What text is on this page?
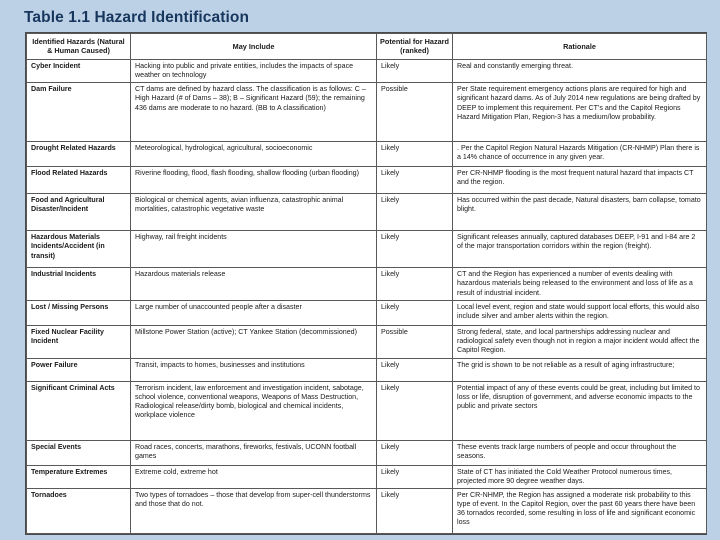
Table 1.1 Hazard Identification
Identified Hazards (Natural & Human Caused)	May Include	Potential for Hazard (ranked)	Rationale
Cyber Incident	Hacking into public and private entities, includes the impacts of space weather on technology	Likely	Real and constantly emerging threat.
Dam Failure	CT dams are defined by hazard class. The classification is as follows: C – High Hazard (# of Dams – 38); B – Significant Hazard (59); the remaining 436 dams are moderate to no hazard. (BB to A classification)	Possible	Per State requirement emergency actions plans are required for high and significant hazard dams. As of July 2014 new regulations are being drafted by DEEP to implement this requirement. Per CT's and the Capitol Regions Hazard Mitigation Plan, Region-3 has a medium/low probability.
Drought Related Hazards	Meteorological, hydrological, agricultural, socioeconomic	Likely	. Per the Capitol Region Natural Hazards Mitigation (CR-NHMP) Plan there is a 14% chance of occurrence in any given year.
Flood Related Hazards	Riverine flooding, flood, flash flooding, shallow flooding (urban flooding)	Likely	Per CR-NHMP flooding is the most frequent natural hazard that impacts CT and the region.
Food and Agricultural Disaster/Incident	Biological or chemical agents, avian influenza, catastrophic animal mortalities, catastrophic vegetative waste	Likely	Has occurred within the past decade, Natural disasters, barn collapse, tomato blight.
Hazardous Materials Incidents/Accident (in transit)	Highway, rail freight incidents	Likely	Significant releases annually, captured databases DEEP, I-91 and I-84 are 2 of the major transportation corridors within the region (freight).
Industrial Incidents	Hazardous materials release	Likely	CT and the Region has experienced a number of events dealing with hazardous materials being released to the environment and loss of life as a result of industrial incident.
Lost / Missing Persons	Large number of unaccounted people after a disaster	Likely	Local level event, region and state would support local efforts, this would also include silver and amber alerts within the region.
Fixed Nuclear Facility Incident	Millstone Power Station (active); CT Yankee Station (decommissioned)	Possible	Strong federal, state, and local partnerships addressing nuclear and radiological safety even though not in region a major incident would affect the Capitol Region.
Power Failure	Transit, impacts to homes, businesses and institutions	Likely	The grid is shown to be not reliable as a result of aging infrastructure;
Significant Criminal Acts	Terrorism incident, law enforcement and investigation incident, sabotage, school violence, conventional weapons, Weapons of Mass Destruction, Radiological release/dirty bomb, biological and chemical incidents, workplace violence	Likely	Potential impact of any of these events could be great, including but limited to loss or life, disruption of government, and adverse economic impacts to the public and private sectors
Special Events	Road races, concerts, marathons, fireworks, festivals, UCONN football games	Likely	These events track large numbers of people and occur throughout the seasons.
Temperature Extremes	Extreme cold, extreme hot	Likely	State of CT has initiated the Cold Weather Protocol numerous times, projected more 90 degree weather days.
Tornadoes	Two types of tornadoes – those that develop from super-cell thunderstorms and those that do not.	Likely	Per CR-NHMP, the Region has assigned a moderate risk probability to this type of event. In the Capitol Region, over the past 60 years there have been 36 tornados recorded, some resulting in loss of life and significant economic loss
